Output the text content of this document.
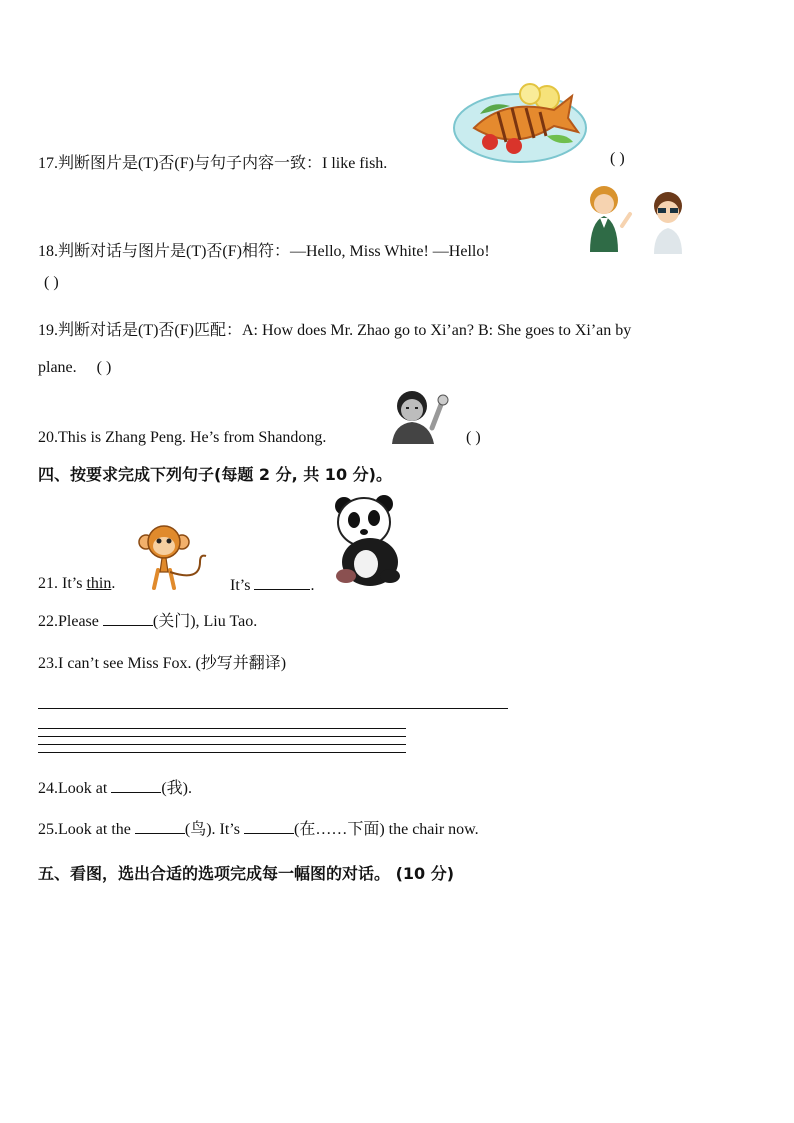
17.判断图片是(T)否(F)与句子内容一致：I like fish.	( )
18.判断对话与图片是(T)否(F)相符：—Hello, Miss White! —Hello!
( )
19.判断对话是(T)否(F)匹配：A: How does Mr. Zhao go to Xi’an? B: She goes to Xi’an by
plane. ( )
20.This is Zhang Peng. He’s from Shandong.	( )
四、按要求完成下列句子(每题 2 分, 共 10 分)。
21. It’s thin.	It’s	.
22.Please	(关门), Liu Tao.
23.I can’t see Miss Fox. (抄写并翻译)
24.Look at	(我).
25.Look at the	(鸟). It’s	(在……下面) the chair now.
五、看图，选出合适的选项完成每一幅图的对话。 (10 分)
